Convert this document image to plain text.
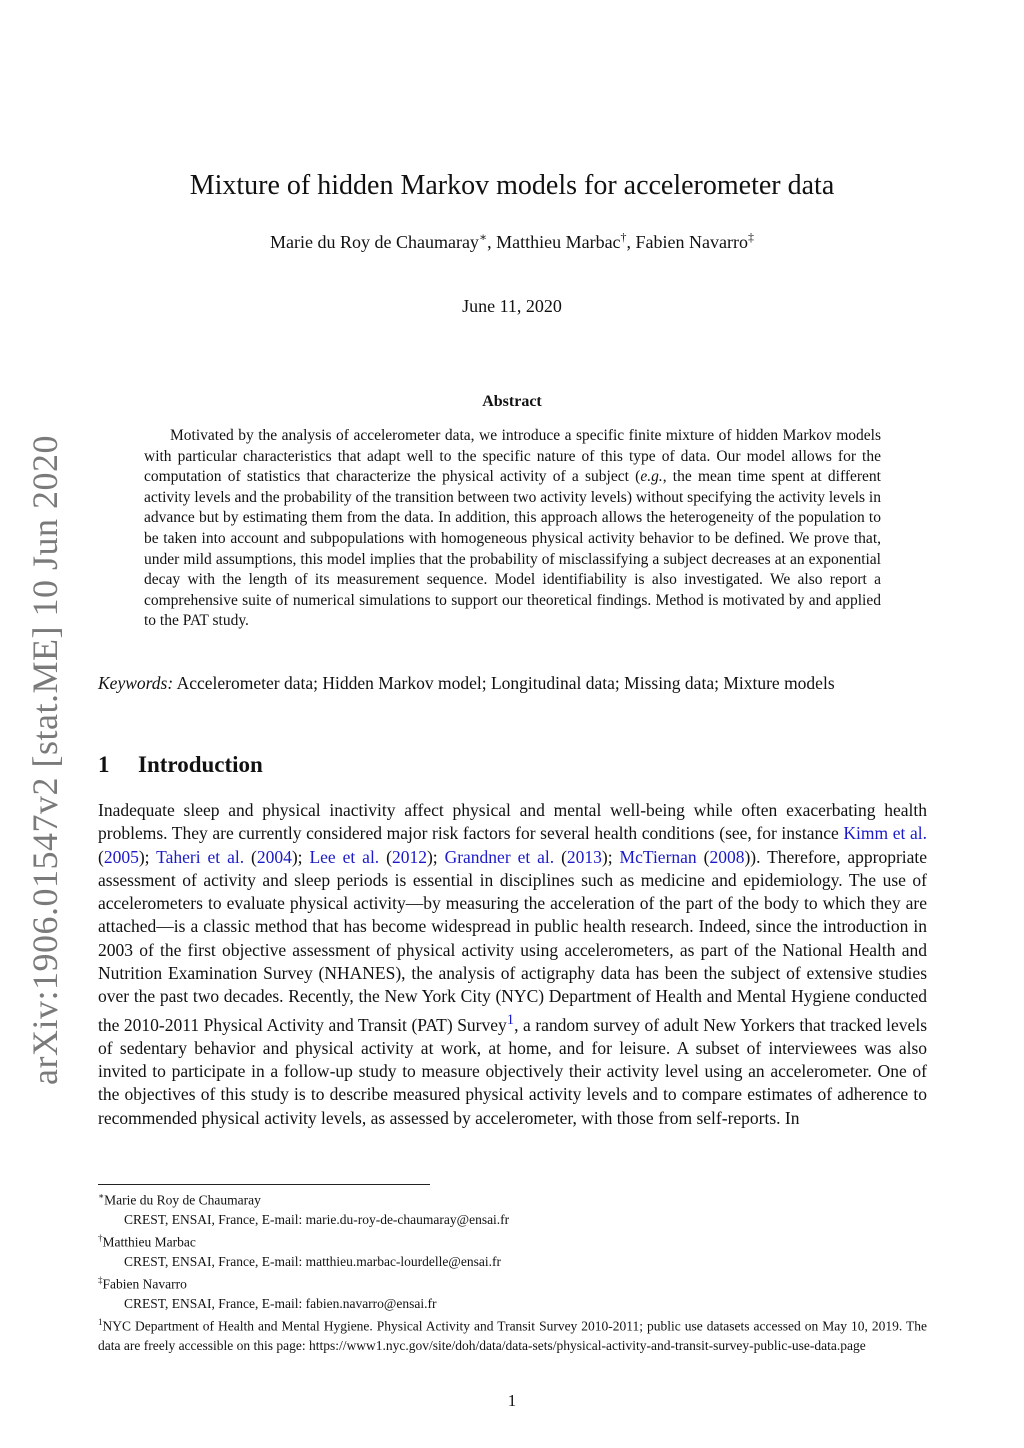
arXiv:1906.01547v2 [stat.ME] 10 Jun 2020
Mixture of hidden Markov models for accelerometer data
Marie du Roy de Chaumaray∗, Matthieu Marbac†, Fabien Navarro‡
June 11, 2020
Abstract
Motivated by the analysis of accelerometer data, we introduce a specific finite mixture of hidden Markov models with particular characteristics that adapt well to the specific nature of this type of data. Our model allows for the computation of statistics that characterize the physical activity of a subject (e.g., the mean time spent at different activity levels and the probability of the transition between two activity levels) without specifying the activity levels in advance but by estimating them from the data. In addition, this approach allows the heterogeneity of the population to be taken into account and subpopulations with homogeneous physical activity behavior to be defined. We prove that, under mild assumptions, this model implies that the probability of misclassifying a subject decreases at an exponential decay with the length of its measurement sequence. Model identifiability is also investigated. We also report a comprehensive suite of numerical simulations to support our theoretical findings. Method is motivated by and applied to the PAT study.
Keywords: Accelerometer data; Hidden Markov model; Longitudinal data; Missing data; Mixture models
1 Introduction
Inadequate sleep and physical inactivity affect physical and mental well-being while often exacerbating health problems. They are currently considered major risk factors for several health conditions (see, for instance Kimm et al. (2005); Taheri et al. (2004); Lee et al. (2012); Grandner et al. (2013); McTiernan (2008)). Therefore, appropriate assessment of activity and sleep periods is essential in disciplines such as medicine and epidemiology. The use of accelerometers to evaluate physical activity—by measuring the acceleration of the part of the body to which they are attached—is a classic method that has become widespread in public health research. Indeed, since the introduction in 2003 of the first objective assessment of physical activity using accelerometers, as part of the National Health and Nutrition Examination Survey (NHANES), the analysis of actigraphy data has been the subject of extensive studies over the past two decades. Recently, the New York City (NYC) Department of Health and Mental Hygiene conducted the 2010-2011 Physical Activity and Transit (PAT) Survey$^1$, a random survey of adult New Yorkers that tracked levels of sedentary behavior and physical activity at work, at home, and for leisure. A subset of interviewees was also invited to participate in a follow-up study to measure objectively their activity level using an accelerometer. One of the objectives of this study is to describe measured physical activity levels and to compare estimates of adherence to recommended physical activity levels, as assessed by accelerometer, with those from self-reports. In
∗Marie du Roy de Chaumaray
CREST, ENSAI, France, E-mail: marie.du-roy-de-chaumaray@ensai.fr
†Matthieu Marbac
CREST, ENSAI, France, E-mail: matthieu.marbac-lourdelle@ensai.fr
‡Fabien Navarro
CREST, ENSAI, France, E-mail: fabien.navarro@ensai.fr
$^1$NYC Department of Health and Mental Hygiene. Physical Activity and Transit Survey 2010-2011; public use datasets accessed on May 10, 2019. The data are freely accessible on this page: https://www1.nyc.gov/site/doh/data/data-sets/physical-activity-and-transit-survey-public-use-data.page
1
